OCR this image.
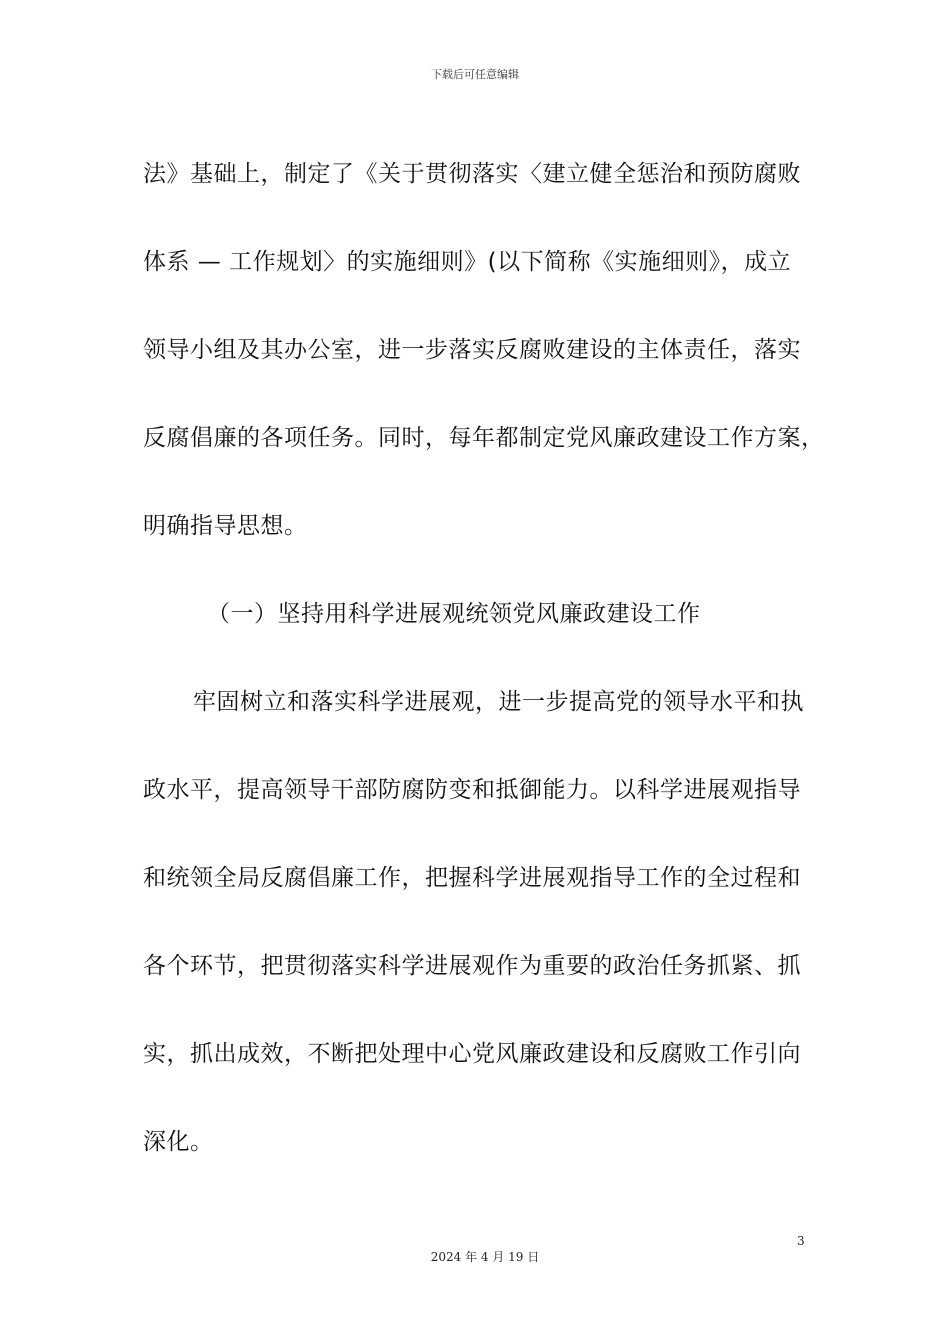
下载后可任意编辑
法》基础上，制定了《关于贯彻落实〈建立健全惩治和预防腐败
体系 — 工作规划〉的实施细则》(以下简称《实施细则》，成立
领导小组及其办公室，进一步落实反腐败建设的主体责任，落实
反腐倡廉的各项任务。同时，每年都制定党风廉政建设工作方案，
明确指导思想。
（一）坚持用科学进展观统领党风廉政建设工作
牢固树立和落实科学进展观，进一步提高党的领导水平和执
政水平，提高领导干部防腐防变和抵御能力。以科学进展观指导
和统领全局反腐倡廉工作，把握科学进展观指导工作的全过程和
各个环节，把贯彻落实科学进展观作为重要的政治任务抓紧、抓
实，抓出成效，不断把处理中心党风廉政建设和反腐败工作引向
深化。
3
2024 年 4 月 19 日
